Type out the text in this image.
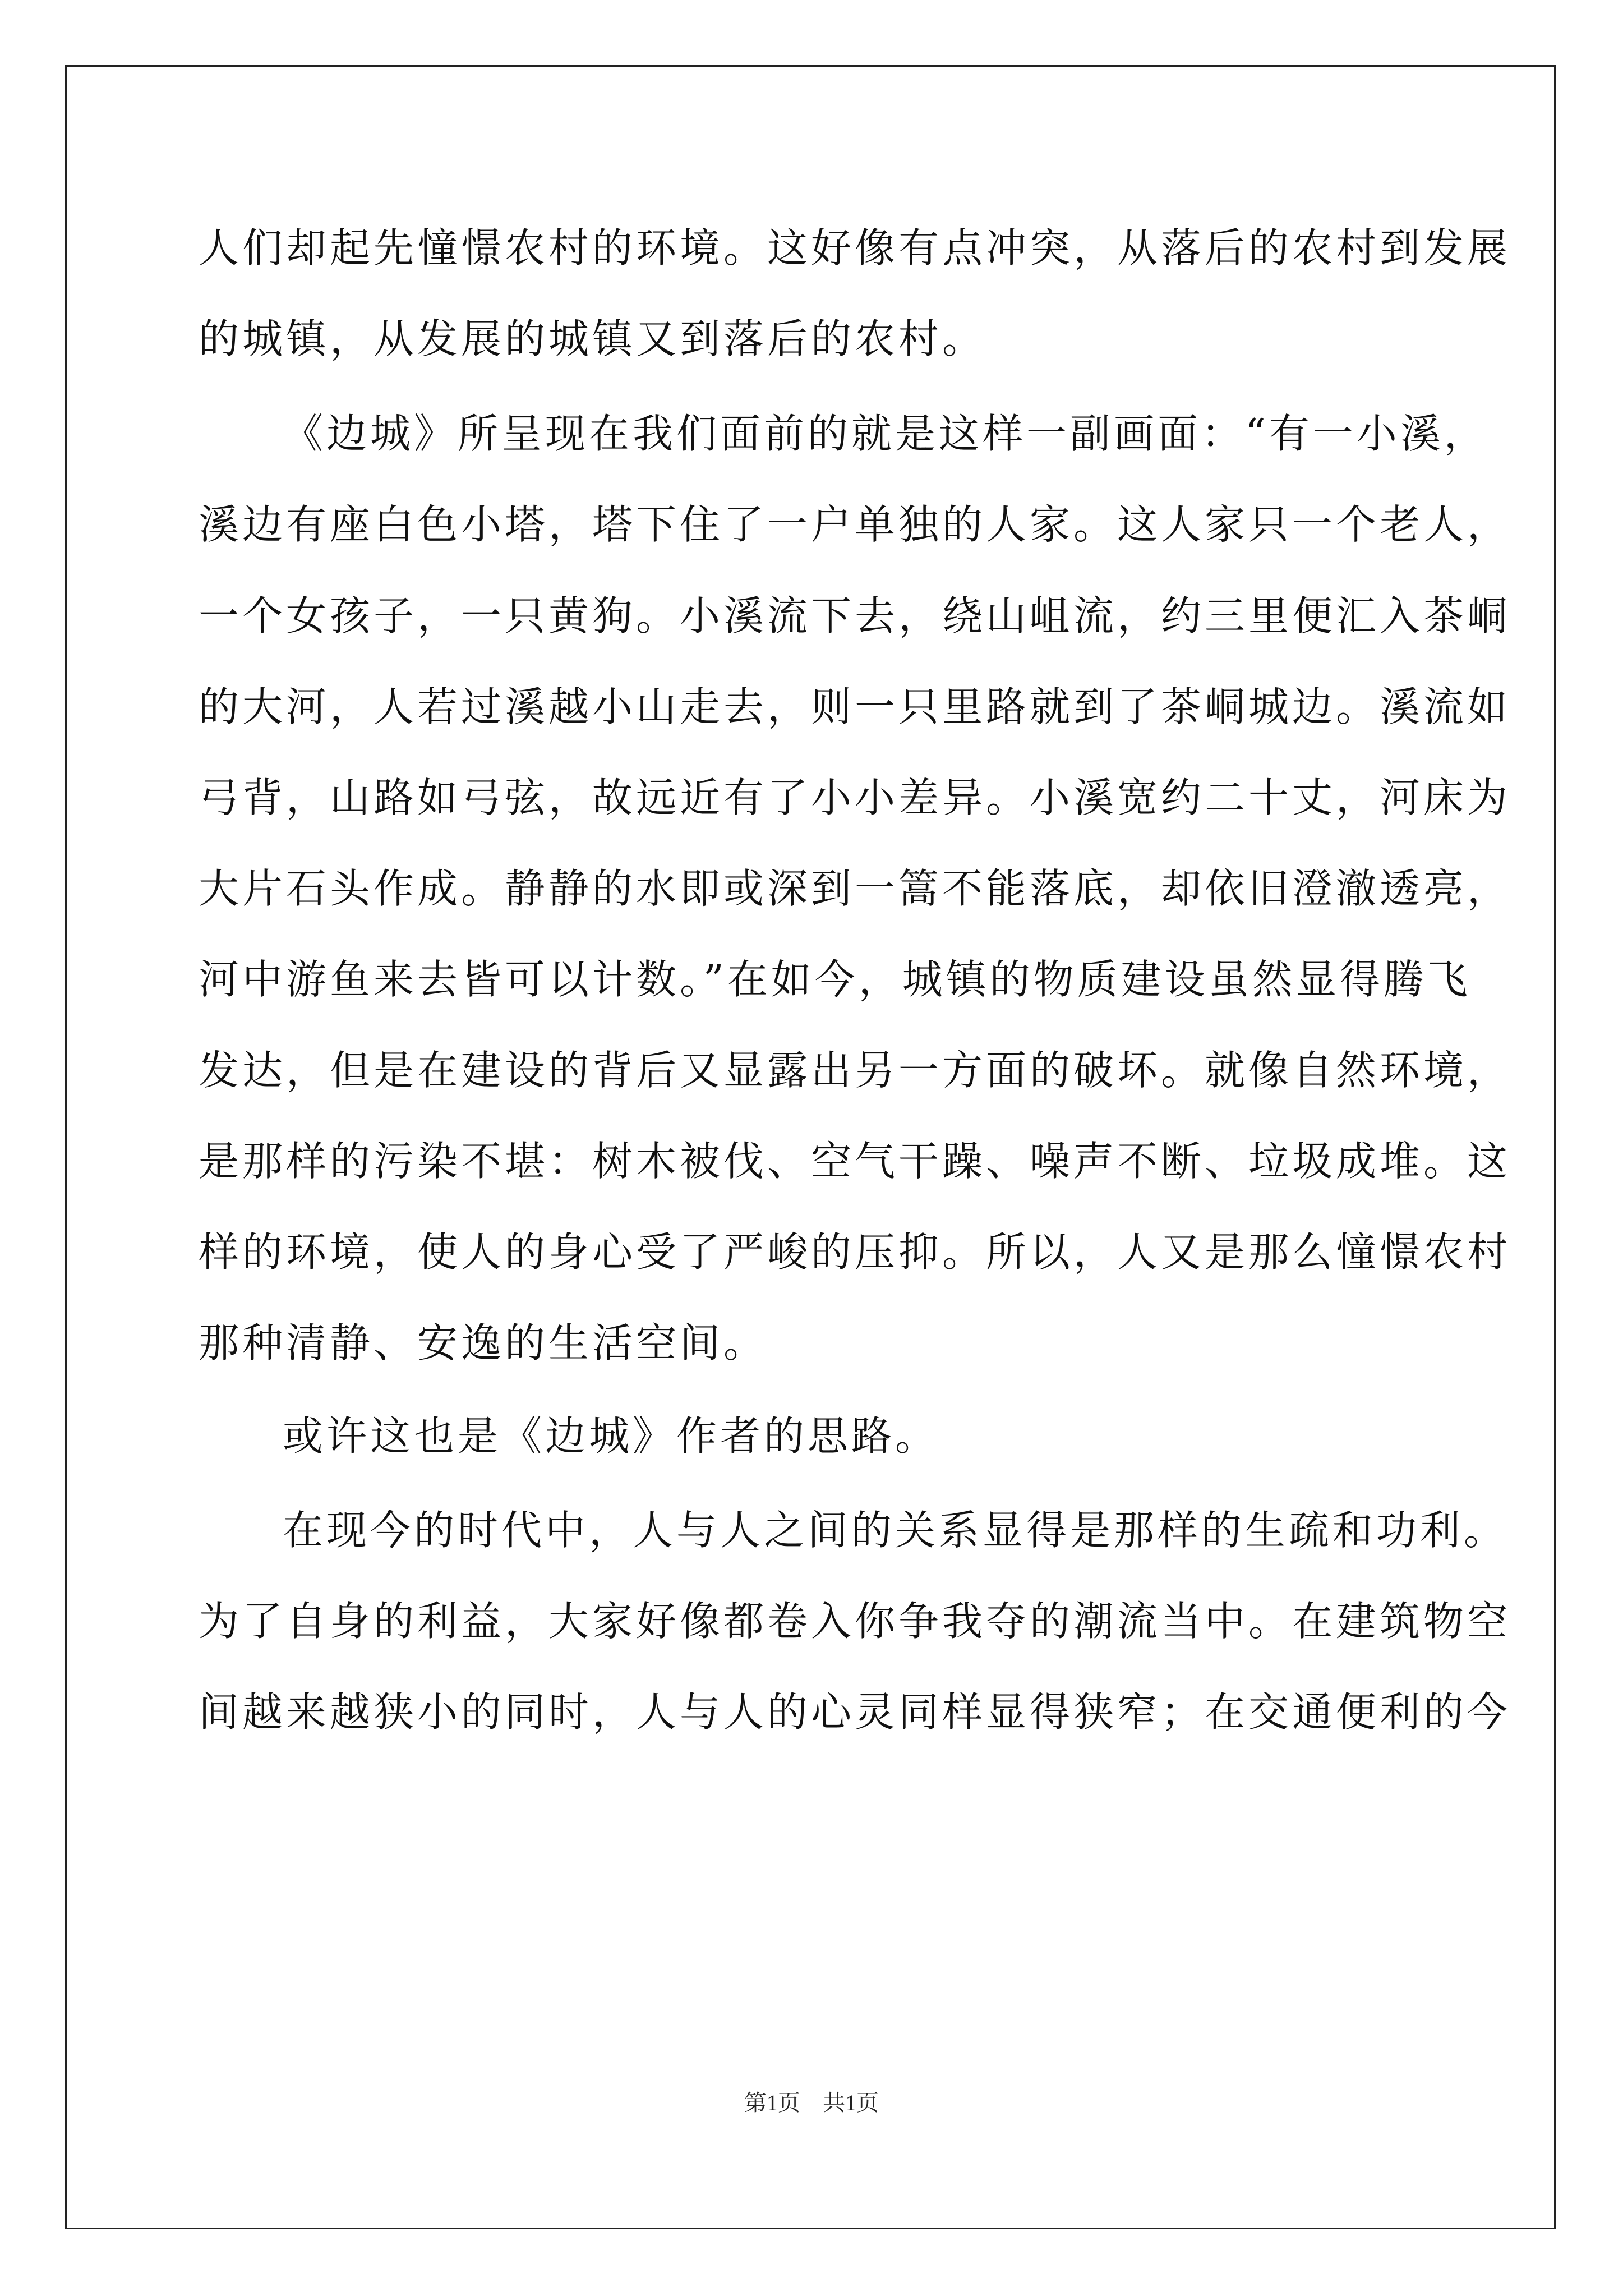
人们却起先憧憬农村的环境。这好像有点冲突，从落后的农村到发展
的城镇，从发展的城镇又到落后的农村。
《边城》所呈现在我们面前的就是这样一副画面：“有一小溪，
溪边有座白色小塔，塔下住了一户单独的人家。这人家只一个老人，
一个女孩子，一只黄狗。小溪流下去，绕山岨流，约三里便汇入茶峒
的大河，人若过溪越小山走去，则一只里路就到了茶峒城边。溪流如
弓背，山路如弓弦，故远近有了小小差异。小溪宽约二十丈，河床为
大片石头作成。静静的水即或深到一篙不能落底，却依旧澄澈透亮，
河中游鱼来去皆可以计数。”在如今，城镇的物质建设虽然显得腾飞
发达，但是在建设的背后又显露出另一方面的破坏。就像自然环境，
是那样的污染不堪：树木被伐、空气干躁、噪声不断、垃圾成堆。这
样的环境，使人的身心受了严峻的压抑。所以，人又是那么憧憬农村
那种清静、安逸的生活空间。
或许这也是《边城》作者的思路。
在现今的时代中，人与人之间的关系显得是那样的生疏和功利。
为了自身的利益，大家好像都卷入你争我夺的潮流当中。在建筑物空
间越来越狭小的同时，人与人的心灵同样显得狭窄；在交通便利的今
第1页　共1页
